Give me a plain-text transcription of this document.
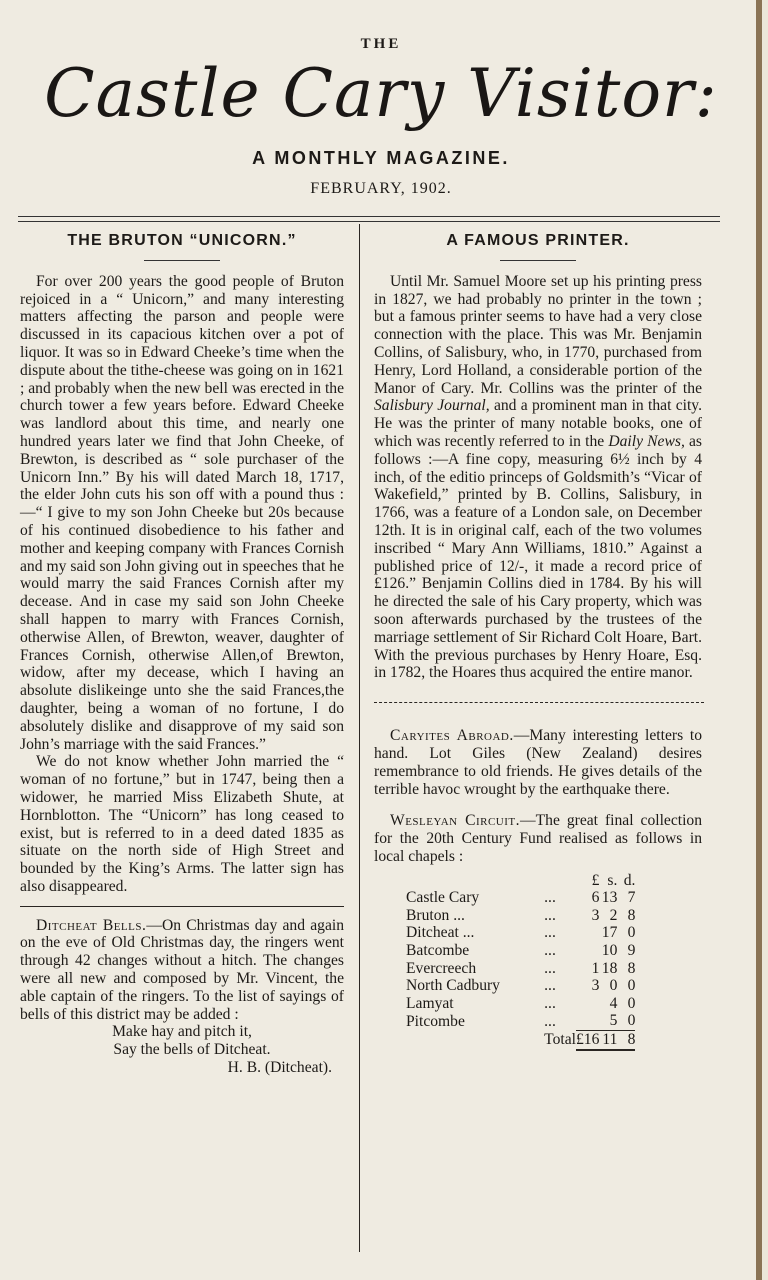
THE
Castle Cary Visitor:
A MONTHLY MAGAZINE.
FEBRUARY, 1902.
THE BRUTON “UNICORN.”

For over 200 years the good people of Bruton rejoiced in a “ Unicorn,” and many interesting matters affecting the parson and people were discussed in its capacious kitchen over a pot of liquor. It was so in Edward Cheeke’s time when the dispute about the tithe-cheese was going on in 1621 ; and probably when the new bell was erected in the church tower a few years before. Edward Cheeke was landlord about this time, and nearly one hundred years later we find that John Cheeke, of Brewton, is described as “ sole purchaser of the Unicorn Inn.” By his will dated March 18, 1717, the elder John cuts his son off with a pound thus :—“ I give to my son John Cheeke but 20s because of his continued disobedience to his father and mother and keeping company with Frances Cornish and my said son John giving out in speeches that he would marry the said Frances Cornish after my decease. And in case my said son John Cheeke shall happen to marry with Frances Cornish, otherwise Allen, of Brewton, weaver, daughter of Frances Cornish, otherwise Allen,of Brewton, widow, after my decease, which I having an absolute dislikeinge unto she the said Frances,the daughter, being a woman of no fortune, I do absolutely dislike and disapprove of my said son John’s marriage with the said Frances.”

We do not know whether John married the “ woman of no fortune,” but in 1747, being then a widower, he married Miss Elizabeth Shute, at Hornblotton. The “Unicorn” has long ceased to exist, but is referred to in a deed dated 1835 as situate on the north side of High Street and bounded by the King’s Arms. The latter sign has also disappeared.

Ditcheat Bells.—On Christmas day and again on the eve of Old Christmas day, the ringers went through 42 changes without a hitch. The changes were all new and composed by Mr. Vincent, the able captain of the ringers. To the list of sayings of bells of this district may be added :

Make hay and pitch it,
Say the bells of Ditcheat.
H. B. (Ditcheat).
A FAMOUS PRINTER.

Until Mr. Samuel Moore set up his printing press in 1827, we had probably no printer in the town ; but a famous printer seems to have had a very close connection with the place. This was Mr. Benjamin Collins, of Salisbury, who, in 1770, purchased from Henry, Lord Holland, a considerable portion of the Manor of Cary. Mr. Collins was the printer of the Salisbury Journal, and a prominent man in that city. He was the printer of many notable books, one of which was recently referred to in the Daily News, as follows :—A fine copy, measuring 6½ inch by 4 inch, of the editio princeps of Goldsmith’s “Vicar of Wakefield,” printed by B. Collins, Salisbury, in 1766, was a feature of a London sale, on December 12th. It is in original calf, each of the two volumes inscribed “ Mary Ann Williams, 1810.” Against a published price of 12/-, it made a record price of £126.” Benjamin Collins died in 1784. By his will he directed the sale of his Cary property, which was soon afterwards purchased by the trustees of the marriage settlement of Sir Richard Colt Hoare, Bart. With the previous purchases by Henry Hoare, Esq. in 1782, the Hoares thus acquired the entire manor.

Caryites Abroad.—Many interesting letters to hand. Lot Giles (New Zealand) desires remembrance to old friends. He gives details of the terrible havoc wrought by the earthquake there.

Wesleyan Circuit.—The great final collection for the 20th Century Fund realised as follows in local chapels :

		£	s.	d.
Castle Cary	...	6	13	7
Bruton ...	...	3	2	8
Ditcheat ...	...		17	0
Batcombe	...		10	9
Evercreech	...	1	18	8
North Cadbury	...	3	0	0
Lamyat	...		4	0
Pitcombe	...		5	0
Total		£16	11	8
